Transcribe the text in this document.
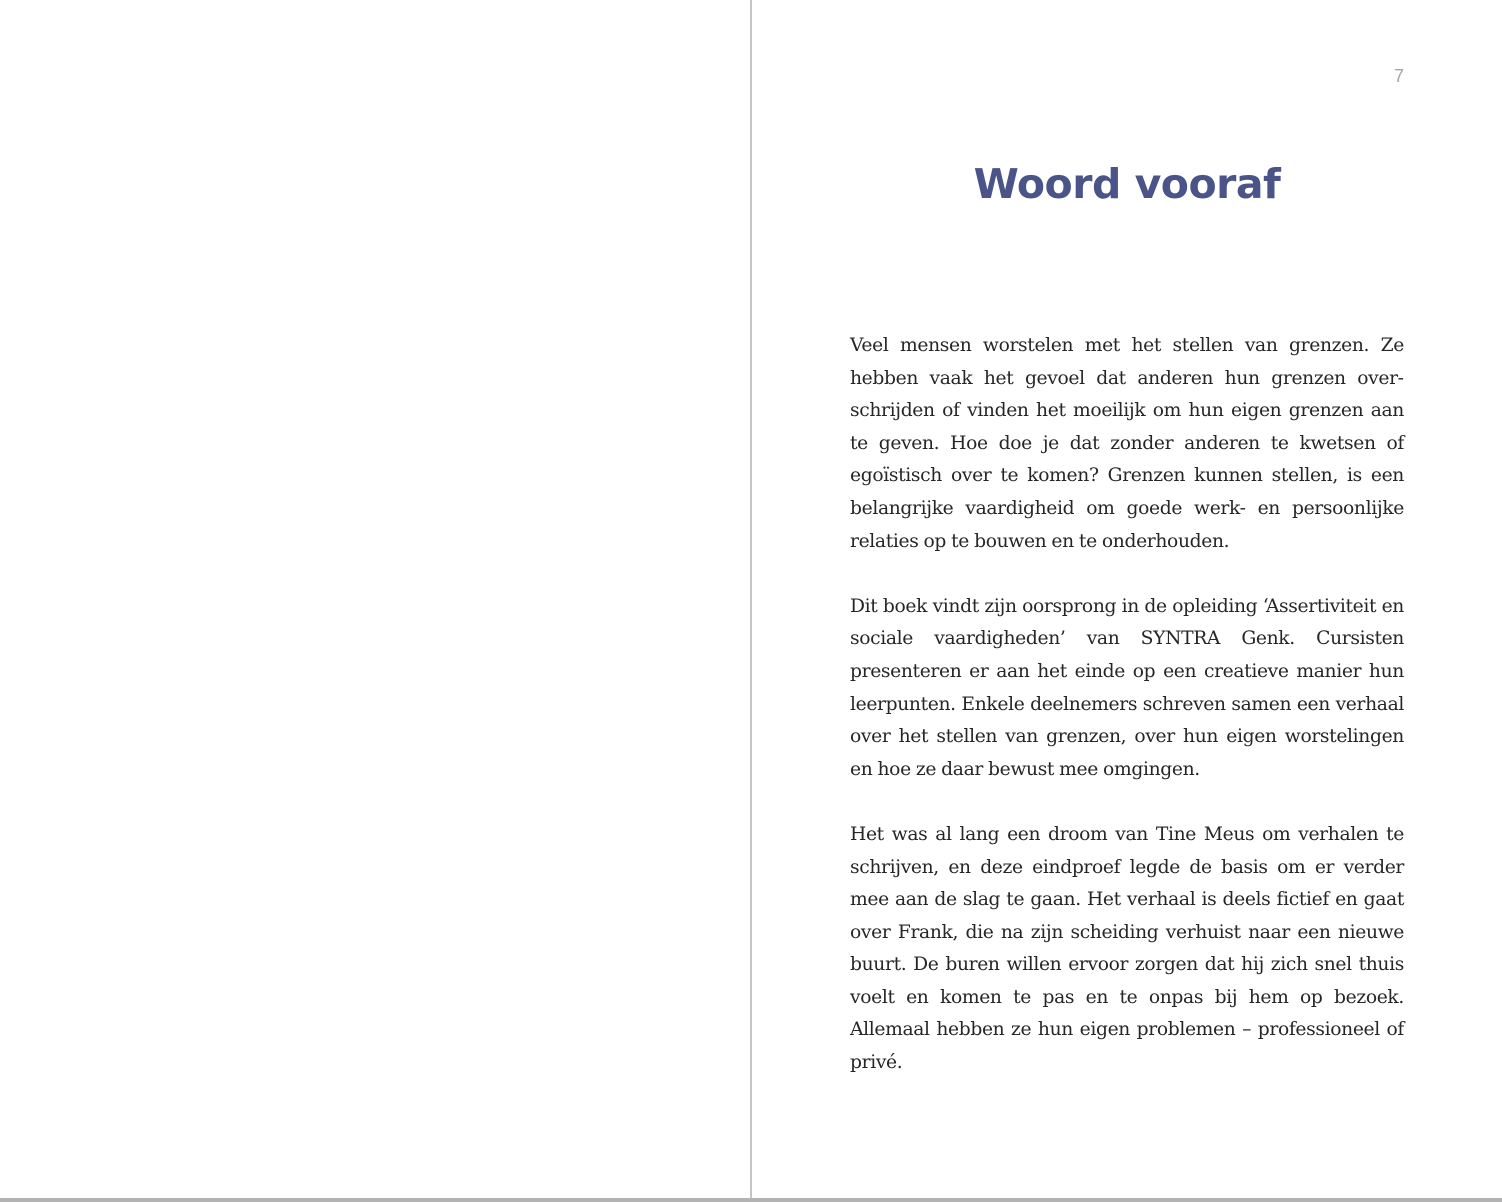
7
Woord vooraf

Veel mensen worstelen met het stellen van grenzen. Ze hebben vaak het gevoel dat anderen hun grenzen overschrijden of vinden het moeilijk om hun eigen grenzen aan te geven. Hoe doe je dat zonder anderen te kwetsen of egoïstisch over te komen? Grenzen kunnen stellen, is een belangrijke vaardigheid om goede werk- en persoonlijke relaties op te bouwen en te onderhouden.

Dit boek vindt zijn oorsprong in de opleiding ‘Assertiviteit en sociale vaardigheden’ van SYNTRA Genk. Cursisten presenteren er aan het einde op een creatieve manier hun leerpunten. Enkele deelnemers schreven samen een verhaal over het stellen van grenzen, over hun eigen worstelingen en hoe ze daar bewust mee omgingen.

Het was al lang een droom van Tine Meus om verhalen te schrijven, en deze eindproef legde de basis om er verder mee aan de slag te gaan. Het verhaal is deels fictief en gaat over Frank, die na zijn scheiding verhuist naar een nieuwe buurt. De buren willen ervoor zorgen dat hij zich snel thuis voelt en komen te pas en te onpas bij hem op bezoek. Allemaal hebben ze hun eigen problemen – professioneel of privé.
